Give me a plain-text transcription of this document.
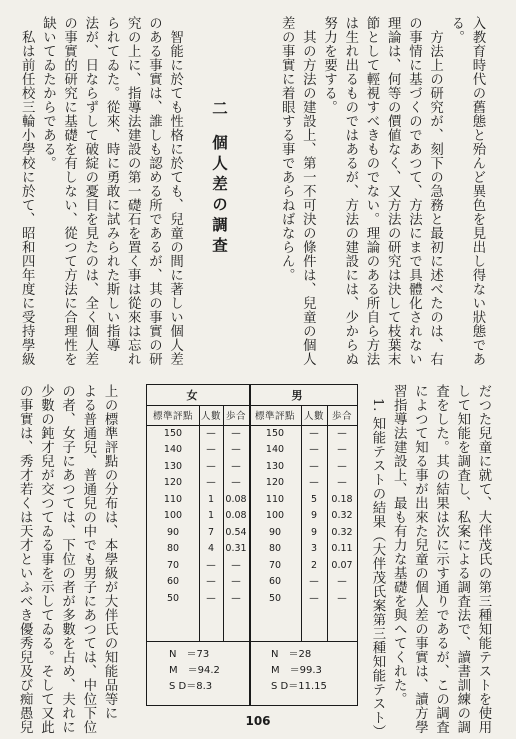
入教育時代の舊態と殆んど異色を見出し得ない狀態であ
る。
　方法上の研究が、刻下の急務と最初に述べたのは、右
の事情に基づくのであつて、方法にまで具體化されない
理論は、何等の價値なく、又方法の研究は決して枝葉末
節として輕視すべきものでない。理論のある所自ら方法
は生れ出るものではあるが、方法の建設には、少からぬ
努力を要する。
　其の方法の建設上、第一不可決の條件は、兒童の個人
差の事實に着眼する事であらねばならん。
二個人差の調査
　智能に於ても性格に於ても、兒童の間に著しい個人差
のある事實は、誰しも認める所であるが、其の事實の研
究の上に、指導法建設の第一礎石を置く事は從來は忘れ
られてゐた。從來、時に勇敢に試みられた斯しい指導
法が、日ならずして破綻の憂目を見たのは、全く個人差
の事實的研究に基礎を有しない、從つて方法に合理性を
缺いてゐたからである。
　私は前任校三輪小學校に於て、昭和四年度に受持學級
だつた兒童に就て、大伴茂氏の第三種知能テストを使用
して知能を調査し、私案による調査法で、讀書訓練の調
査をした。其の結果は次に示す通りであるが、この調査
によつて知る事が出來た兒童の個人差の事實は、讀方學
習指導法建設上、最も有力な基礎を與へてくれた。
　1. 知能テストの結果（大伴茂氏案第三種知能テスト）
女	男
標準評點 人數 歩合 標準評點 人數 歩合
150	—	—	150	—	—
140	—	—	140	—	—
130	—	—	130	—	—
120	—	—	120	—	—
110	1	0.08	110	5	0.18
100	1	0.08	100	9	0.32
90	7	0.54	90	9	0.32
80	4	0.31	80	3	0.11
70	—	—	70	2	0.07
60	—	—	60	—	—
50	—	—	50	—	—
N　＝73
M　＝94.2
S D＝8.3
N　＝28
M　＝99.3
S D＝11.15
106
上の標準評點の分布は、本學級が大伴氏の知能品等に
よる普通兒、普通兒の中でも男子にあつては、中位下位
の者、女子にあつては、下位の者が多數を占め、夫れに
少數の鈍才兒が交つてゐる事を示してゐる。そして又此
の事實は、秀才若くは天才といふべき優秀兒及び痴愚兒
